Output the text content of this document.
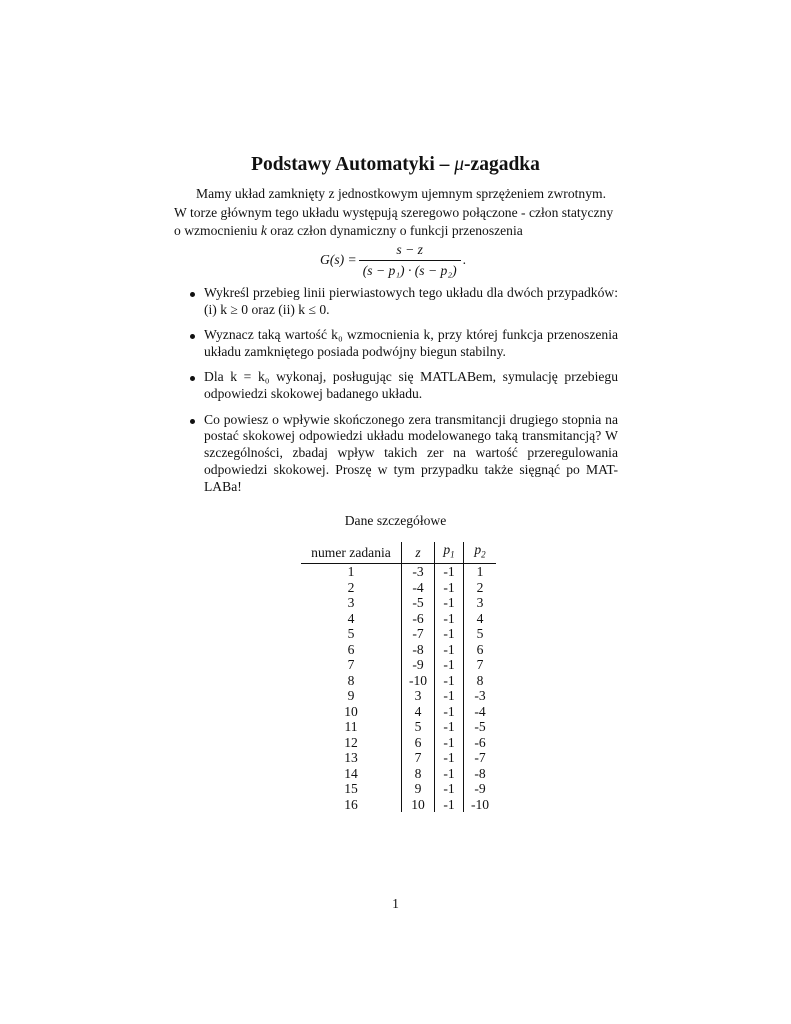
Podstawy Automatyki – μ-zagadka
Mamy układ zamknięty z jednostkowym ujemnym sprzężeniem zwrotnym.
W torze głównym tego układu występują szeregowo połączone - człon statyczny
o wzmocnieniu k oraz człon dynamiczny o funkcji przenoszenia
$G(s) = \frac{s - z}{\text{(s − p₁) · (s − p₂)}}$ .
Wykreśl przebieg linii pierwiastowych tego układu dla dwóch przypadków: (i) k ≥ 0 oraz (ii) k ≤ 0.
Wyznacz taką wartość k₀ wzmocnienia k, przy której funkcja przenoszenia układu zamkniętego posiada podwójny biegun stabilny.
Dla k = k₀ wykonaj, posługując się MATLABem, symulację przebiegu odpowiedzi skokowej badanego układu.
Co powiesz o wpływie skończonego zera transmitancji drugiego stopnia na postać skokowej odpowiedzi układu modelowanego taką transmitancją? W szczególności, zbadaj wpływ takich zer na wartość przeregulowania odpowiedzi skokowej. Proszę w tym przypadku także sięgnąć po MAT-LABa!
Dane szczegółowe
numer zadania	z	$p_1$	$p_2$
1	-3	-1	1
2	-4	-1	2
3	-5	-1	3
4	-6	-1	4
5	-7	-1	5
6	-8	-1	6
7	-9	-1	7
8	-10	-1	8
9	3	-1	-3
10	4	-1	-4
11	5	-1	-5
12	6	-1	-6
13	7	-1	-7
14	8	-1	-8
15	9	-1	-9
16	10	-1	-10
1
